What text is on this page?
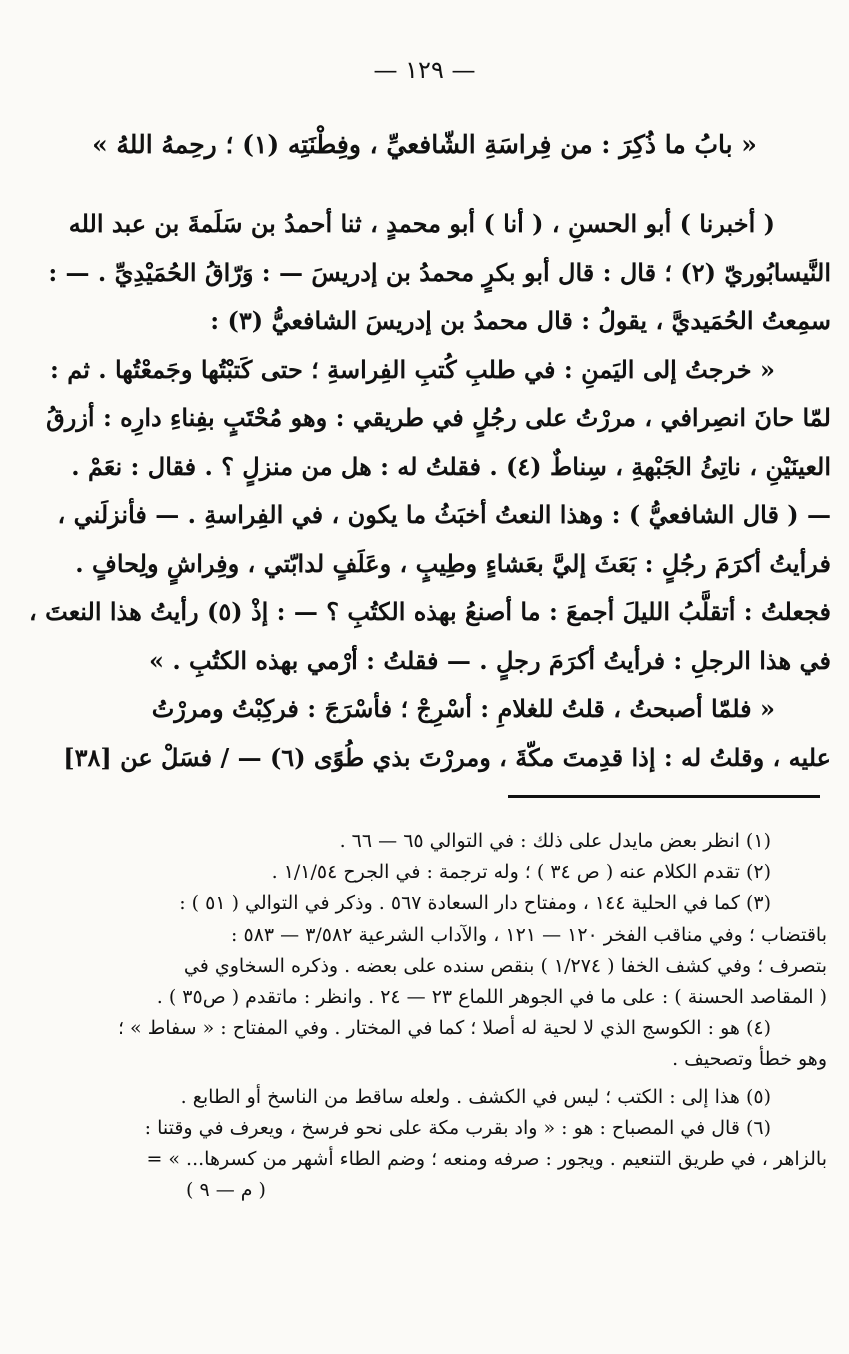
— ١٢٩ —
« بابُ ما ذُكِرَ : من فِراسَةِ الشّافعيِّ ، وفِطْنَتِه (١) ؛ رحِمهُ اللهُ »
( أخبرنا ) أبو الحسنِ ، ( أنا ) أبو محمدٍ ، ثنا أحمدُ بن سَلَمةَ بن عبد الله
النَّيسابُوريّ (٢) ؛ قال : قال أبو بكرٍ محمدُ بن إدريسَ — : وَرّاقُ الحُمَيْدِيِّ . — :
سمِعتُ الحُمَيديَّ ، يقولُ : قال محمدُ بن إدريسَ الشافعيُّ (٣) :
« خرجتُ إلى اليَمنِ : في طلبِ كُتبِ الفِراسةِ ؛ حتى كَتبْتُها وجَمعْتُها . ثم :
لمّا حانَ انصِرافي ، مررْتُ على رجُلٍ في طريقي : وهو مُحْتَبٍ بفِناءِ دارِه : أزرقُ
العينَيْنِ ، ناتِئُ الجَبْهةِ ، سِناطٌ (٤) . فقلتُ له : هل من منزلٍ ؟ . فقال : نعَمْ .
— ( قال الشافعيُّ ) : وهذا النعتُ أخبَثُ ما يكون ، في الفِراسةِ . — فأنزلَني ،
فرأيتُ أكرَمَ رجُلٍ : بَعَثَ إليَّ بعَشاءٍ وطِيبٍ ، وعَلَفٍ لدابّتي ، وفِراشٍ ولِحافٍ .
فجعلتُ : أتقلَّبُ الليلَ أجمعَ : ما أصنعُ بهذه الكتُبِ ؟ — : إذْ (٥) رأيتُ هذا النعتَ ،
في هذا الرجلِ : فرأيتُ أكرَمَ رجلٍ . — فقلتُ : أرْمي بهذه الكتُبِ . »
« فلمّا أصبحتُ ، قلتُ للغلامِ : أسْرِجْ ؛ فأسْرَجَ : فركِبْتُ ومررْتُ
عليه ، وقلتُ له : إذا قدِمتَ مكّةَ ، ومررْتَ بذي طُوًى (٦) — / فسَلْ عن [٣٨]
(١) انظر بعض مايدل على ذلك : في التوالي ٦٥ — ٦٦ .
(٢) تقدم الكلام عنه ( ص ٣٤ ) ؛ وله ترجمة : في الجرح ١/١/٥٤ .
(٣) كما في الحلية ١٤٤ ، ومفتاح دار السعادة ٥٦٧ . وذكر في التوالي ( ٥١ ) :
باقتضاب ؛ وفي مناقب الفخر ١٢٠ — ١٢١ ، والآداب الشرعية ٣/٥٨٢ — ٥٨٣ :
بتصرف ؛ وفي كشف الخفا ( ١/٢٧٤ ) بنقص سنده على بعضه . وذكره السخاوي في
( المقاصد الحسنة ) : على ما في الجوهر اللماع ٢٣ — ٢٤ . وانظر : ماتقدم ( ص٣٥ ) .
(٤) هو : الكوسج الذي لا لحية له أصلا ؛ كما في المختار . وفي المفتاح : « سفاط » ؛
وهو خطأ وتصحيف .
(٥) هذا إلى : الكتب ؛ ليس في الكشف . ولعله ساقط من الناسخ أو الطابع .
(٦) قال في المصباح : هو : « واد بقرب مكة على نحو فرسخ ، ويعرف في وقتنا :
بالزاهر ، في طريق التنعيم . ويجور : صرفه ومنعه ؛ وضم الطاء أشهر من كسرها... » =
( م — ٩ )
